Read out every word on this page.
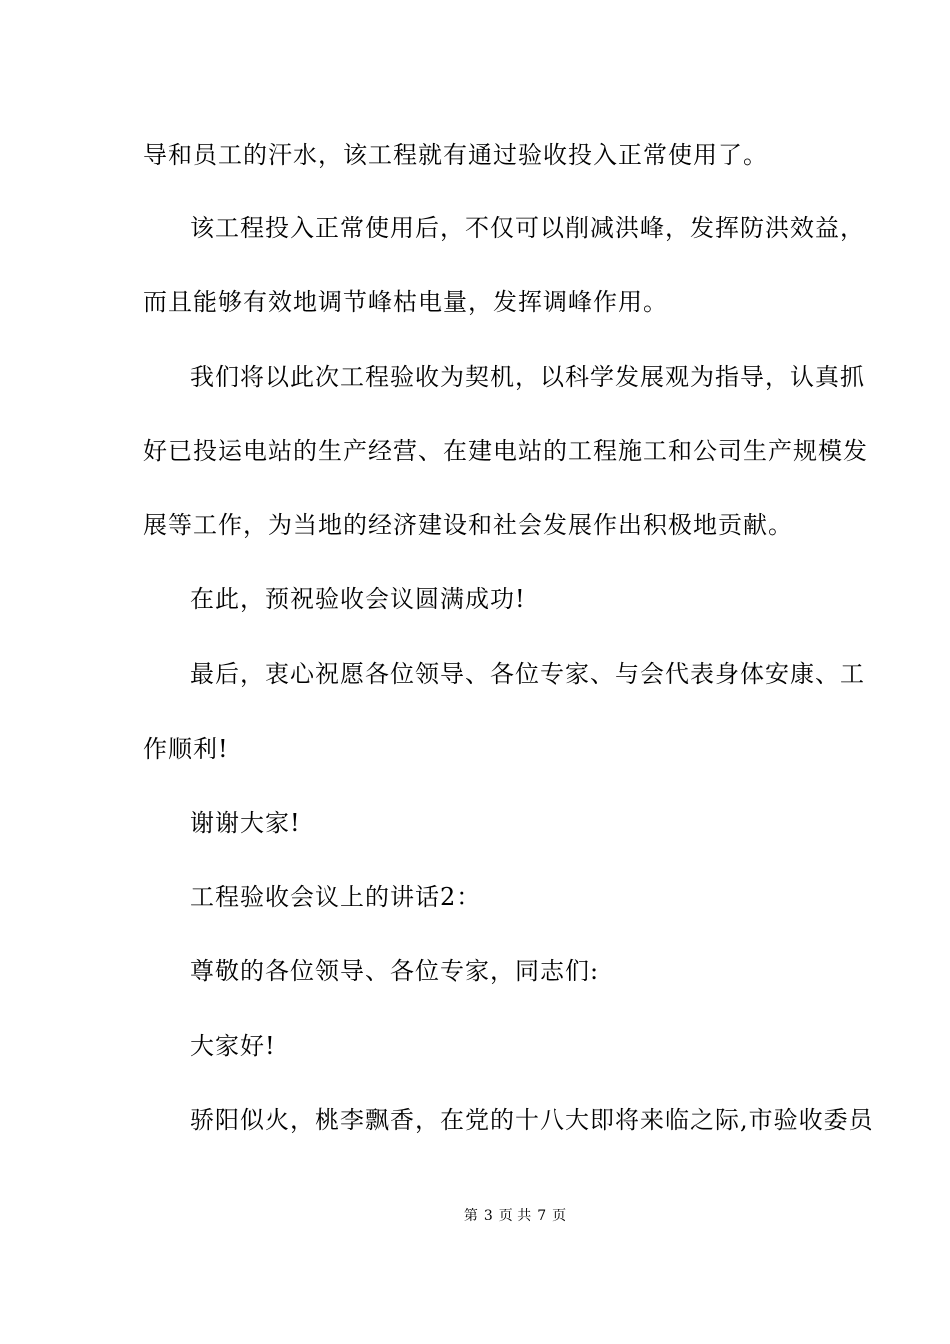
导和员工的汗水，该工程就有通过验收投入正常使用了。
该工程投入正常使用后，不仅可以削减洪峰，发挥防洪效益，
而且能够有效地调节峰枯电量，发挥调峰作用。
我们将以此次工程验收为契机，以科学发展观为指导，认真抓
好已投运电站的生产经营、在建电站的工程施工和公司生产规模发
展等工作，为当地的经济建设和社会发展作出积极地贡献。
在此，预祝验收会议圆满成功!
最后，衷心祝愿各位领导、各位专家、与会代表身体安康、工
作顺利!
谢谢大家!
工程验收会议上的讲话2：
尊敬的各位领导、各位专家，同志们:
大家好!
骄阳似火，桃李飘香，在党的十八大即将来临之际,市验收委员
第 3 页 共 7 页
